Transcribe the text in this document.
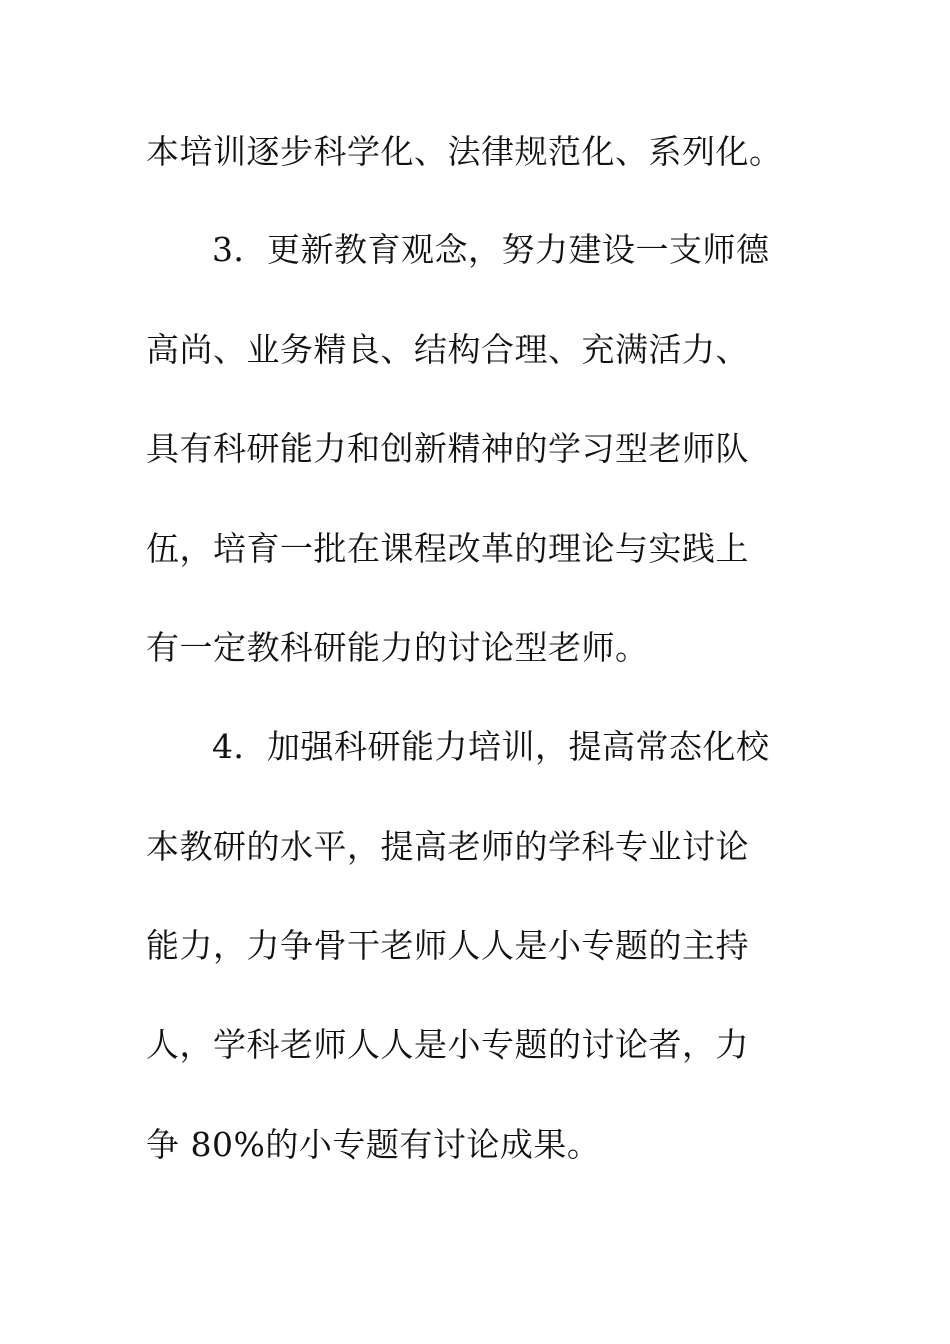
本培训逐步科学化、法律规范化、系列化。
3．更新教育观念，努力建设一支师德
高尚、业务精良、结构合理、充满活力、
具有科研能力和创新精神的学习型老师队
伍，培育一批在课程改革的理论与实践上
有一定教科研能力的讨论型老师。
4．加强科研能力培训，提高常态化校
本教研的水平，提高老师的学科专业讨论
能力，力争骨干老师人人是小专题的主持
人，学科老师人人是小专题的讨论者，力
争 80%的小专题有讨论成果。
